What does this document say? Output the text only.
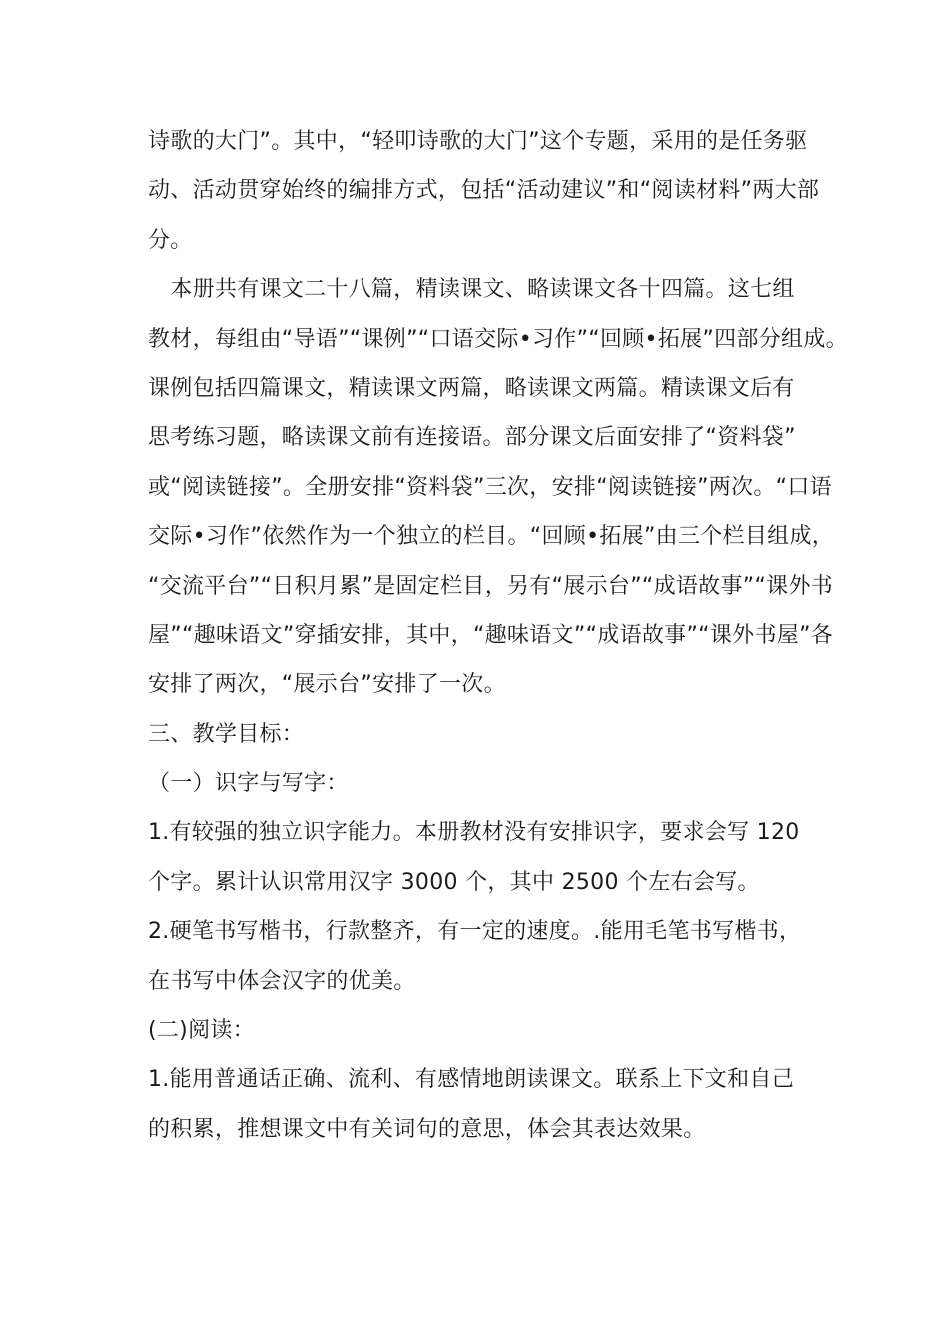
诗歌的大门”。其中，“轻叩诗歌的大门”这个专题，采用的是任务驱
动、活动贯穿始终的编排方式，包括“活动建议”和“阅读材料”两大部
分。
　本册共有课文二十八篇，精读课文、略读课文各十四篇。这七组
教材，每组由“导语”“课例”“口语交际•习作”“回顾•拓展”四部分组成。
课例包括四篇课文，精读课文两篇，略读课文两篇。精读课文后有
思考练习题，略读课文前有连接语。部分课文后面安排了“资料袋”
或“阅读链接”。全册安排“资料袋”三次，安排“阅读链接”两次。“口语
交际•习作”依然作为一个独立的栏目。“回顾•拓展”由三个栏目组成，
“交流平台”“日积月累”是固定栏目，另有“展示台”“成语故事”“课外书
屋”“趣味语文”穿插安排，其中，“趣味语文”“成语故事”“课外书屋”各
安排了两次，“展示台”安排了一次。
三、教学目标：
（一）识字与写字：
1.有较强的独立识字能力。本册教材没有安排识字，要求会写 120
个字。累计认识常用汉字 3000 个，其中 2500 个左右会写。
2.硬笔书写楷书，行款整齐，有一定的速度。.能用毛笔书写楷书，
在书写中体会汉字的优美。
(二)阅读：
1.能用普通话正确、流利、有感情地朗读课文。联系上下文和自己
的积累，推想课文中有关词句的意思，体会其表达效果。
